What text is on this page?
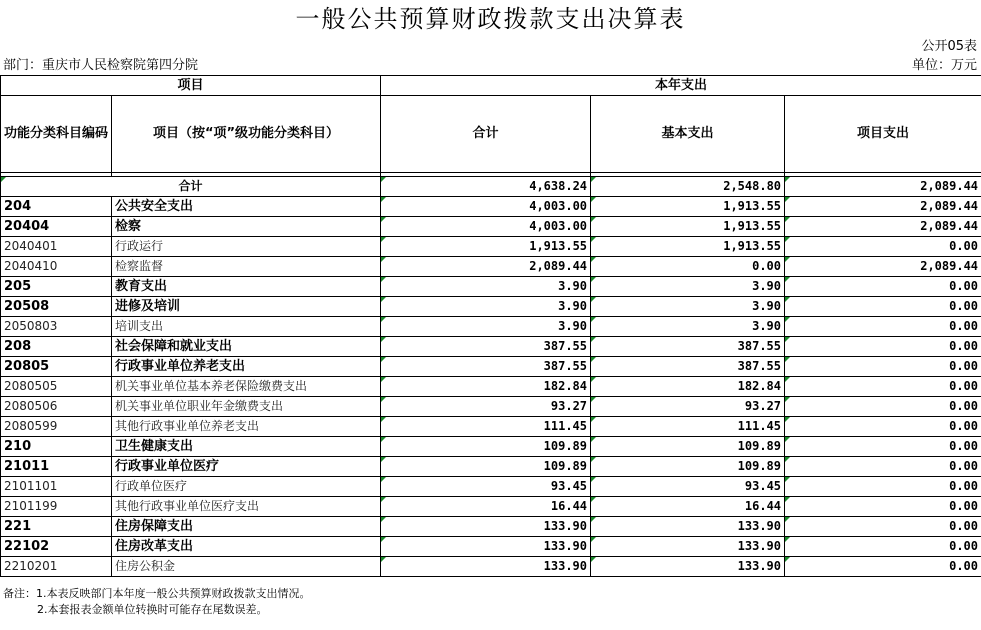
一般公共预算财政拨款支出决算表
公开05表
部门：重庆市人民检察院第四分院	单位：万元
项目		本年支出		
功能分类科目编码	项目（按“项”级功能分类科目）	合计	基本支出	项目支出

合计		4,638.24	2,548.80	2,089.44
204	公共安全支出	4,003.00	1,913.55	2,089.44
20404	检察	4,003.00	1,913.55	2,089.44
2040401	行政运行	1,913.55	1,913.55	0.00
2040410	检察监督	2,089.44	0.00	2,089.44
205	教育支出	3.90	3.90	0.00
20508	进修及培训	3.90	3.90	0.00
2050803	培训支出	3.90	3.90	0.00
208	社会保障和就业支出	387.55	387.55	0.00
20805	行政事业单位养老支出	387.55	387.55	0.00
2080505	机关事业单位基本养老保险缴费支出	182.84	182.84	0.00
2080506	机关事业单位职业年金缴费支出	93.27	93.27	0.00
2080599	其他行政事业单位养老支出	111.45	111.45	0.00
210	卫生健康支出	109.89	109.89	0.00
21011	行政事业单位医疗	109.89	109.89	0.00
2101101	行政单位医疗	93.45	93.45	0.00
2101199	其他行政事业单位医疗支出	16.44	16.44	0.00
221	住房保障支出	133.90	133.90	0.00
22102	住房改革支出	133.90	133.90	0.00
2210201	住房公积金	133.90	133.90	0.00
备注：1.本表反映部门本年度一般公共预算财政拨款支出情况。
2.本套报表金额单位转换时可能存在尾数误差。
